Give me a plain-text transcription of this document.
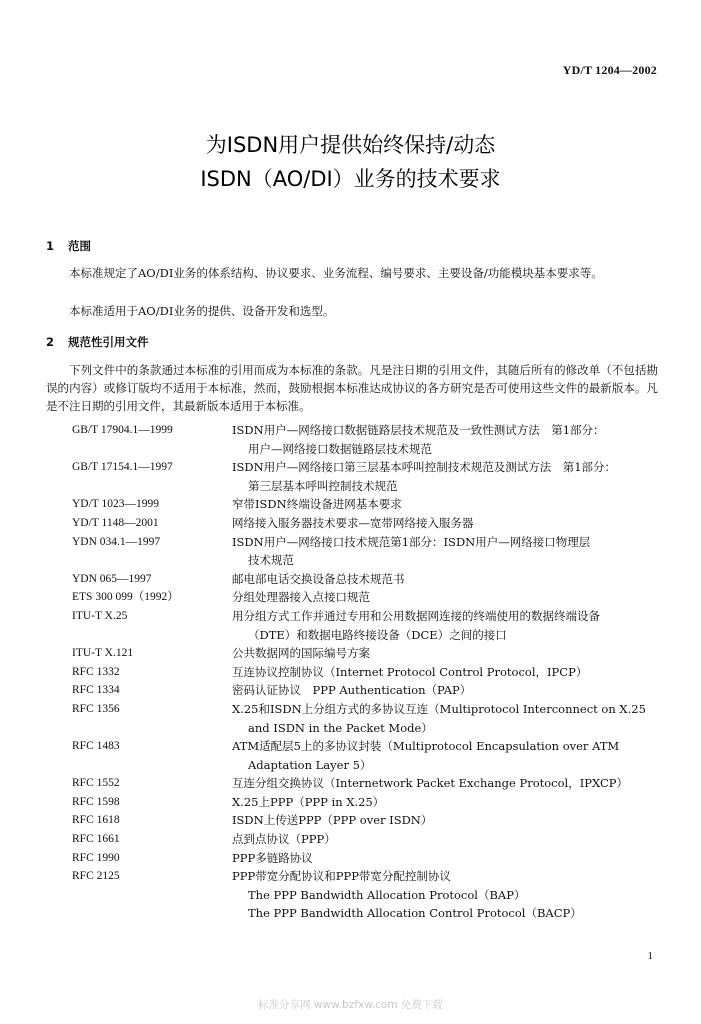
YD/T 1204—2002
为ISDN用户提供始终保持/动态
ISDN（AO/DI）业务的技术要求
1 范围
本标准规定了AO/DI业务的体系结构、协议要求、业务流程、编号要求、主要设备/功能模块基本要求等。
本标准适用于AO/DI业务的提供、设备开发和选型。
2 规范性引用文件
下列文件中的条款通过本标准的引用而成为本标准的条款。凡是注日期的引用文件，其随后所有的修改单（不包括勘误的内容）或修订版均不适用于本标准，然而，鼓励根据本标准达成协议的各方研究是否可使用这些文件的最新版本。凡是不注日期的引用文件，其最新版本适用于本标准。
GB/T 17904.1—1999	ISDN用户—网络接口数据链路层技术规范及一致性测试方法　第1部分：
用户—网络接口数据链路层技术规范
GB/T 17154.1—1997	ISDN用户—网络接口第三层基本呼叫控制技术规范及测试方法　第1部分：
第三层基本呼叫控制技术规范
YD/T 1023—1999	窄带ISDN终端设备进网基本要求
YD/T 1148—2001	网络接入服务器技术要求—宽带网络接入服务器
YDN 034.1—1997	ISDN用户—网络接口技术规范第1部分：ISDN用户—网络接口物理层
技术规范
YDN 065—1997	邮电部电话交换设备总技术规范书
ETS 300 099（1992）	分组处理器接入点接口规范
ITU-T X.25	用分组方式工作并通过专用和公用数据网连接的终端使用的数据终端设备
（DTE）和数据电路终接设备（DCE）之间的接口
ITU-T X.121	公共数据网的国际编号方案
RFC 1332	互连协议控制协议（Internet Protocol Control Protocol，IPCP）
RFC 1334	密码认证协议　PPP Authentication（PAP）
RFC 1356	X.25和ISDN上分组方式的多协议互连（Multiprotocol Interconnect on X.25
and ISDN in the Packet Mode）
RFC 1483	ATM适配层5上的多协议封装（Multiprotocol Encapsulation over ATM
Adaptation Layer 5）
RFC 1552	互连分组交换协议（Internetwork Packet Exchange Protocol，IPXCP）
RFC 1598	X.25上PPP（PPP in X.25）
RFC 1618	ISDN上传送PPP（PPP over ISDN）
RFC 1661	点到点协议（PPP）
RFC 1990	PPP多链路协议
RFC 2125	PPP带宽分配协议和PPP带宽分配控制协议
The PPP Bandwidth Allocation Protocol（BAP）
The PPP Bandwidth Allocation Control Protocol（BACP）
1
标准分享网 www.bzfxw.com 免费下载
